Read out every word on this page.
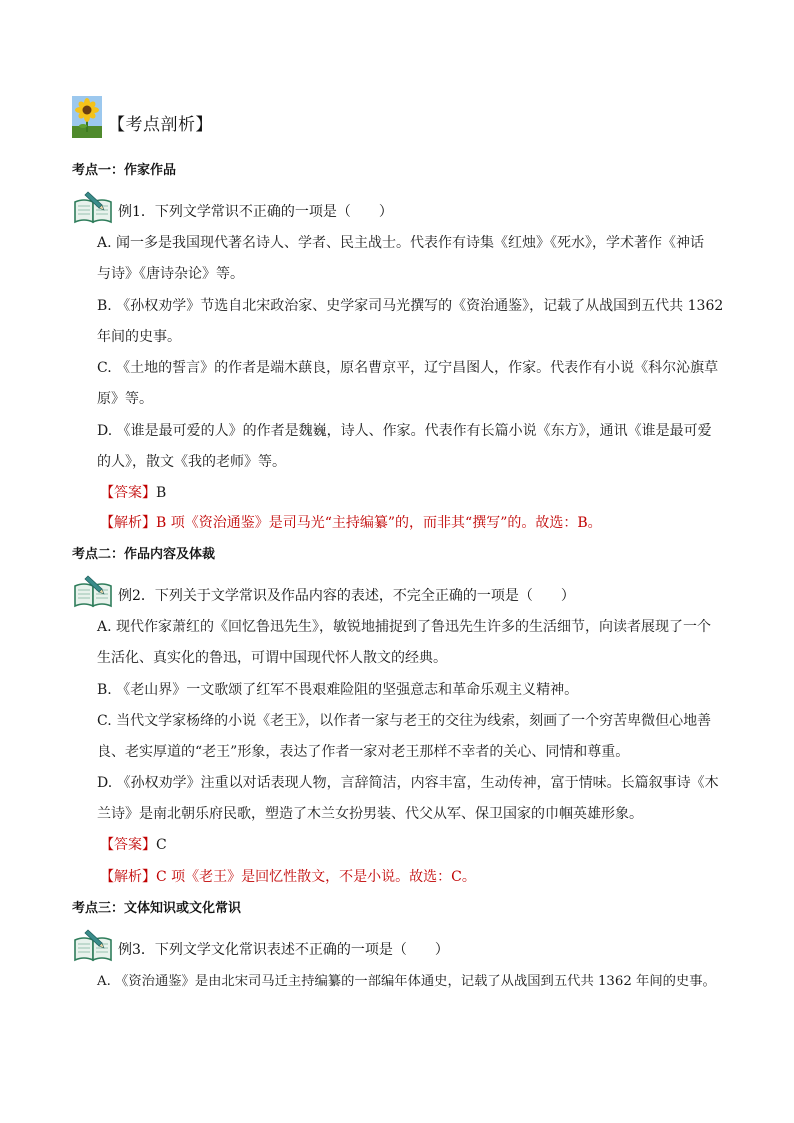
【考点剖析】
考点一：作家作品
例1．下列文学常识不正确的一项是（　　）
A. 闻一多是我国现代著名诗人、学者、民主战士。代表作有诗集《红烛》《死水》，学术著作《神话
与诗》《唐诗杂论》等。
B. 《孙权劝学》节选自北宋政治家、史学家司马光撰写的《资治通鉴》，记载了从战国到五代共 1362
年间的史事。
C. 《土地的誓言》的作者是端木蕻良，原名曹京平，辽宁昌图人，作家。代表作有小说《科尔沁旗草
原》等。
D. 《谁是最可爱的人》的作者是魏巍，诗人、作家。代表作有长篇小说《东方》，通讯《谁是最可爱
的人》，散文《我的老师》等。
【答案】B
【解析】B 项《资治通鉴》是司马光“主持编纂”的，而非其“撰写”的。故选：B。
考点二：作品内容及体裁
例2．下列关于文学常识及作品内容的表述，不完全正确的一项是（　　）
A. 现代作家萧红的《回忆鲁迅先生》，敏锐地捕捉到了鲁迅先生许多的生活细节，向读者展现了一个
生活化、真实化的鲁迅，可谓中国现代怀人散文的经典。
B. 《老山界》一文歌颂了红军不畏艰难险阻的坚强意志和革命乐观主义精神。
C. 当代文学家杨绛的小说《老王》，以作者一家与老王的交往为线索，刻画了一个穷苦卑微但心地善
良、老实厚道的“老王”形象，表达了作者一家对老王那样不幸者的关心、同情和尊重。
D. 《孙权劝学》注重以对话表现人物，言辞简洁，内容丰富，生动传神，富于情味。长篇叙事诗《木
兰诗》是南北朝乐府民歌，塑造了木兰女扮男装、代父从军、保卫国家的巾帼英雄形象。
【答案】C
【解析】C 项《老王》是回忆性散文，不是小说。故选：C。
考点三：文体知识或文化常识
例3．下列文学文化常识表述不正确的一项是（　　）
A. 《资治通鉴》是由北宋司马迁主持编纂的一部编年体通史，记载了从战国到五代共 1362 年间的史事。
